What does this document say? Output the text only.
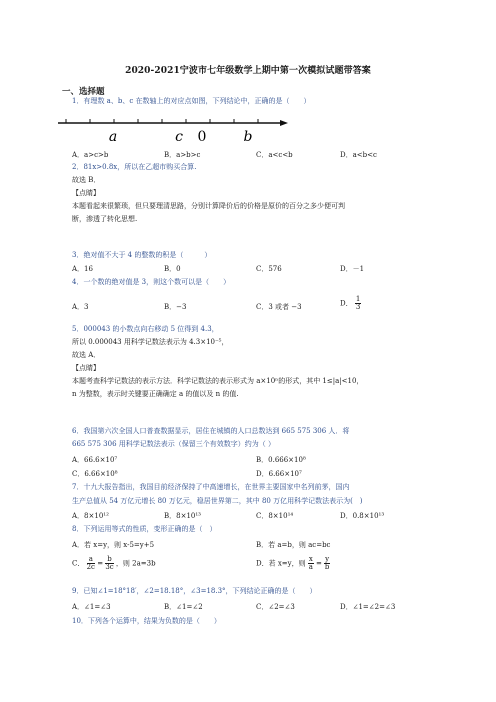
2020-2021宁波市七年级数学上期中第一次模拟试题带答案
一、选择题
1．有理数 a、b、c 在数轴上的对应点如图，下列结论中，正确的是（　　）
a	c 0	b
A．a>c>b	B．a>b>c	C．a<c<b	D．a<b<c
2．81x>0.8x，所以在乙超市购买合算.
故选 B．
【点睛】
本题看起来很繁琐，但只要理清思路，分别计算降价后的价格是原价的百分之多少便可判
断，渗透了转化思想.
3．绝对值不大于 4 的整数的积是（　　　）
A．16	B．0	C．576	D．－1
4．一个数的绝对值是 3，则这个数可以是（　　）
A．3	B．−3	C．3 或者 −3	D． $\frac{1}{3}$
5．000043 的小数点向右移动 5 位得到 4.3，
所以 0.000043 用科学记数法表示为 4.3×10⁻⁵，
故选 A．
【点睛】
本题考查科学记数法的表示方法．科学记数法的表示形式为 a×10ⁿ的形式，其中 1≤|a|<10，
n 为整数，表示时关键要正确确定 a 的值以及 n 的值.
6．我国第六次全国人口普查数据显示，居住在城镇的人口总数达到 665 575 306 人．将
665 575 306 用科学记数法表示（保留三个有效数字）约为（ ）
A．66.6×10⁷	B．0.666×10⁸
C．6.66×10⁸	D．6.66×10⁷
7．十九大报告指出，我国目前经济保持了中高速增长，在世界主要国家中名列前茅，国内
生产总值从 54 万亿元增长 80 万亿元，稳居世界第二，其中 80 万亿用科学记数法表示为(　)
A．8×10¹²	B．8×10¹³	C．8×10¹⁴	D．0.8×10¹³
8．下列运用等式的性质，变形正确的是（　）
A．若 x=y，则 x-5=y+5	B．若 a=b，则 ac=bc
C． $\frac{a}{2c} = \frac{b}{3c}$ ，则 2a=3b	D．若 x=y，则 $\frac{x}{a} = \frac{y}{b}$
9．已知∠1=18°18′，∠2=18.18°，∠3=18.3°，下列结论正确的是（　　）
A．∠1=∠3	B．∠1=∠2	C．∠2=∠3	D．∠1=∠2=∠3
10．下列各个运算中，结果为负数的是（　　）
